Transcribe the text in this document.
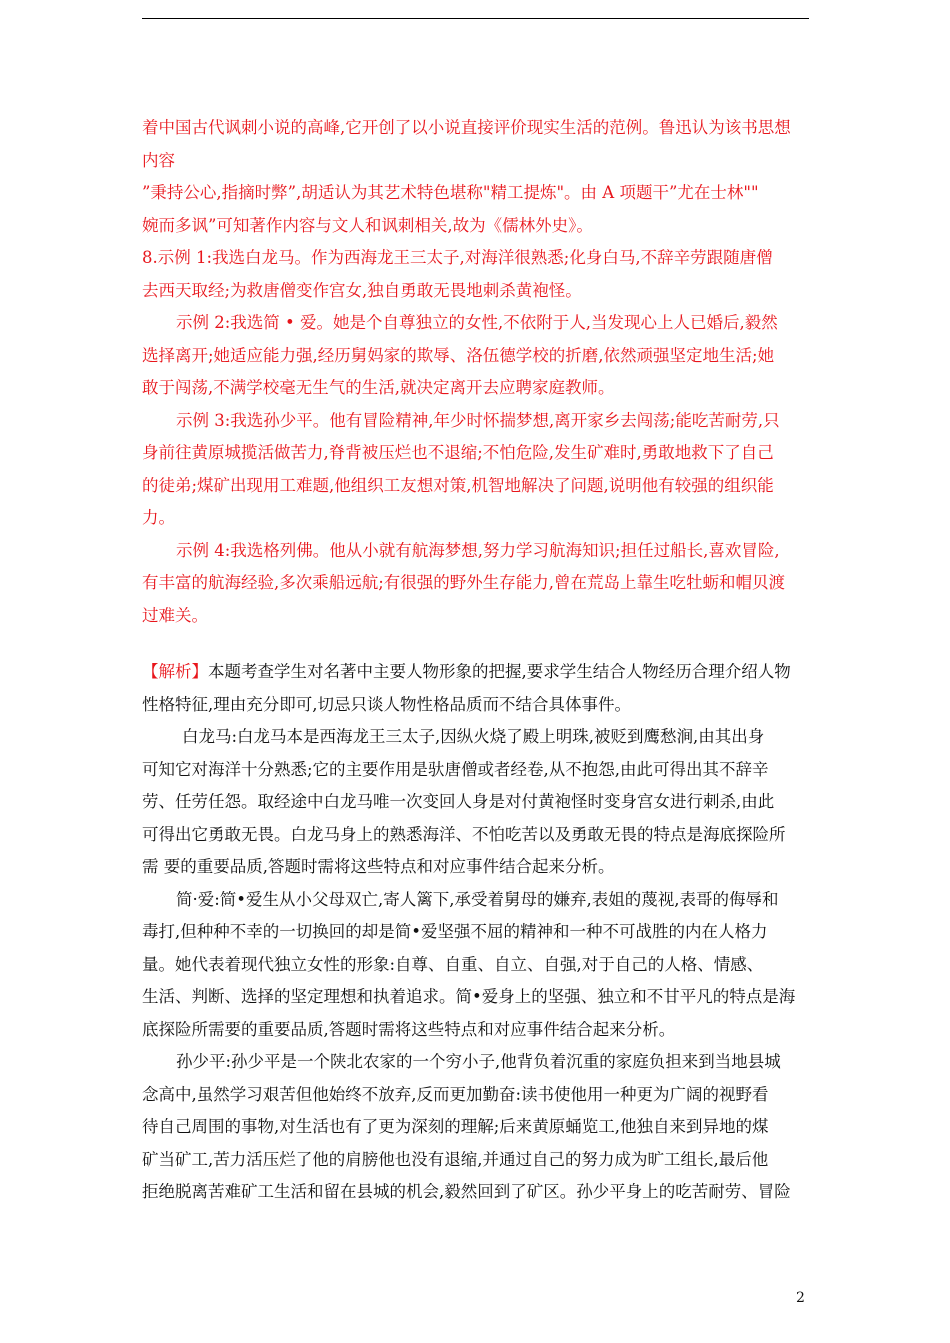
着中国古代讽刺小说的高峰,它开创了以小说直接评价现实生活的范例。鲁迅认为该书思想
内容
”秉持公心,指摘时弊”,胡适认为其艺术特色堪称"精工提炼"。由 A 项题干”尤在士林""
婉而多讽”可知著作内容与文人和讽刺相关,故为《儒林外史》。
8.示例 1:我选白龙马。作为西海龙王三太子,对海洋很熟悉;化身白马,不辞辛劳跟随唐僧
去西天取经;为救唐僧变作宫女,独自勇敢无畏地刺杀黄袍怪。
示例 2:我选简 • 爱。她是个自尊独立的女性,不依附于人,当发现心上人已婚后,毅然
选择离开;她适应能力强,经历舅妈家的欺辱、洛伍德学校的折磨,依然顽强坚定地生活;她
敢于闯荡,不满学校毫无生气的生活,就决定离开去应聘家庭教师。
示例 3:我选孙少平。他有冒险精神,年少时怀揣梦想,离开家乡去闯荡;能吃苦耐劳,只
身前往黄原城揽活做苦力,脊背被压烂也不退缩;不怕危险,发生矿难时,勇敢地救下了自己
的徒弟;煤矿出现用工难题,他组织工友想对策,机智地解决了问题,说明他有较强的组织能
力。
示例 4:我选格列佛。他从小就有航海梦想,努力学习航海知识;担任过船长,喜欢冒险,
有丰富的航海经验,多次乘船远航;有很强的野外生存能力,曾在荒岛上靠生吃牡蛎和帽贝渡
过难关。
【解析】本题考查学生对名著中主要人物形象的把握,要求学生结合人物经历合理介绍人物
性格特征,理由充分即可,切忌只谈人物性格品质而不结合具体事件。
白龙马:白龙马本是西海龙王三太子,因纵火烧了殿上明珠,被贬到鹰愁涧,由其出身
可知它对海洋十分熟悉;它的主要作用是驮唐僧或者经卷,从不抱怨,由此可得出其不辞辛
劳、任劳任怨。取经途中白龙马唯一次变回人身是对付黄袍怪时变身宫女进行刺杀,由此
可得出它勇敢无畏。白龙马身上的熟悉海洋、不怕吃苦以及勇敢无畏的特点是海底探险所
需 要的重要品质,答题时需将这些特点和对应事件结合起来分析。
简·爱:简•爱生从小父母双亡,寄人篱下,承受着舅母的嫌弃,表姐的蔑视,表哥的侮辱和
毒打,但种种不幸的一切换回的却是简•爱坚强不屈的精神和一种不可战胜的内在人格力
量。她代表着现代独立女性的形象:自尊、自重、自立、自强,对于自己的人格、情感、
生活、判断、选择的坚定理想和执着追求。简•爱身上的坚强、独立和不甘平凡的特点是海
底探险所需要的重要品质,答题时需将这些特点和对应事件结合起来分析。
孙少平:孙少平是一个陕北农家的一个穷小子,他背负着沉重的家庭负担来到当地县城
念高中,虽然学习艰苦但他始终不放弃,反而更加勤奋:读书使他用一种更为广阔的视野看
待自己周围的事物,对生活也有了更为深刻的理解;后来黄原蛹览工,他独自来到异地的煤
矿当矿工,苦力活压烂了他的肩膀他也没有退缩,并通过自己的努力成为旷工组长,最后他
拒绝脱离苦难矿工生活和留在县城的机会,毅然回到了矿区。孙少平身上的吃苦耐劳、冒险
2
